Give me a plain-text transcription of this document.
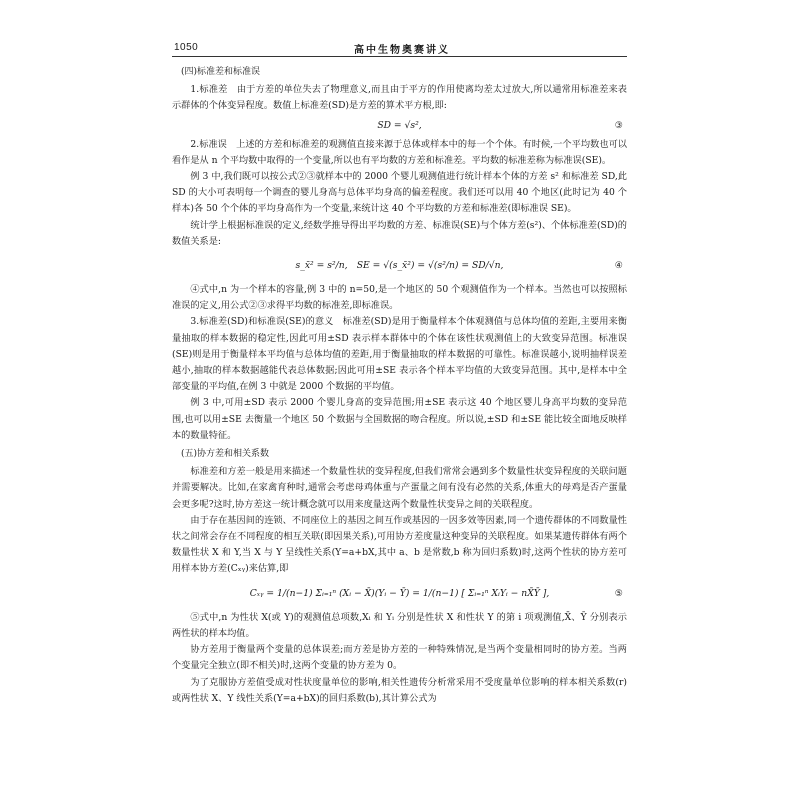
1050	高中生物奥赛讲义

(四)标准差和标准误

1.标准差　由于方差的单位失去了物理意义,而且由于平方的作用使离均差太过放大,所以通常用标准差来表示群体的个体变异程度。数值上标准差(SD)是方差的算术平方根,即:

SD = √s²,	③

2.标准误　上述的方差和标准差的观测值直接来源于总体或样本中的每一个个体。有时候,一个平均数也可以看作是从 n 个平均数中取得的一个变量,所以也有平均数的方差和标准差。平均数的标准差称为标准误(SE)。

例 3 中,我们既可以按公式②③就样本中的 2000 个婴儿观测值进行统计样本个体的方差 s² 和标准差 SD,此 SD 的大小可表明每一个调查的婴儿身高与总体平均身高的偏差程度。我们还可以用 40 个地区(此时记为 40 个样本)各 50 个个体的平均身高作为一个变量,来统计这 40 个平均数的方差和标准差(即标准误 SE)。

统计学上根据标准误的定义,经数学推导得出平均数的方差、标准误(SE)与个体方差(s²)、个体标准差(SD)的数值关系是:

s_x̄² = s²/n,　SE = √(s_x̄²) = √(s²/n) = SD/√n,	④

④式中,n 为一个样本的容量,例 3 中的 n=50,是一个地区的 50 个观测值作为一个样本。当然也可以按照标准误的定义,用公式②③求得平均数的标准差,即标准误。

3.标准差(SD)和标准误(SE)的意义　标准差(SD)是用于衡量样本个体观测值与总体均值的差距,主要用来衡量抽取的样本数据的稳定性,因此可用±SD 表示样本群体中的个体在该性状观测值上的大致变异范围。标准误(SE)则是用于衡量样本平均值与总体均值的差距,用于衡量抽取的样本数据的可靠性。标准误越小,说明抽样误差越小,抽取的样本数据越能代表总体数据;因此可用±SE 表示各个样本平均值的大致变异范围。其中,是样本中全部变量的平均值,在例 3 中就是 2000 个数据的平均值。

例 3 中,可用±SD 表示 2000 个婴儿身高的变异范围;用±SE 表示这 40 个地区婴儿身高平均数的变异范围,也可以用±SE 去衡量一个地区 50 个数据与全国数据的吻合程度。所以说,±SD 和±SE 能比较全面地反映样本的数量特征。

(五)协方差和相关系数

标准差和方差一般是用来描述一个数量性状的变异程度,但我们常常会遇到多个数量性状变异程度的关联问题并需要解决。比如,在家禽育种时,通常会考虑母鸡体重与产蛋量之间有没有必然的关系,体重大的母鸡是否产蛋量会更多呢?这时,协方差这一统计概念就可以用来度量这两个数量性状变异之间的关联程度。

由于存在基因间的连锁、不同座位上的基因之间互作或基因的一因多效等因素,同一个遗传群体的不同数量性状之间常会存在不同程度的相互关联(即因果关系),可用协方差度量这种变异的关联程度。如果某遗传群体有两个数量性状 X 和 Y,当 X 与 Y 呈线性关系(Y=a+bX,其中 a、b 是常数,b 称为回归系数)时,这两个性状的协方差可用样本协方差(Cₓᵧ)来估算,即

Cₓᵧ = 1/(n−1) Σᵢ₌₁ⁿ (Xᵢ − X̄)(Yᵢ − Ȳ) = 1/(n−1) [ Σᵢ₌₁ⁿ XᵢYᵢ − nX̄Ȳ ],	⑤

⑤式中,n 为性状 X(或 Y)的观测值总项数,Xᵢ 和 Yᵢ 分别是性状 X 和性状 Y 的第 i 项观测值,X̄、Ȳ 分别表示两性状的样本均值。

协方差用于衡量两个变量的总体误差;而方差是协方差的一种特殊情况,是当两个变量相同时的协方差。当两个变量完全独立(即不相关)时,这两个变量的协方差为 0。

为了克服协方差值受成对性状度量单位的影响,相关性遗传分析常采用不受度量单位影响的样本相关系数(r)或两性状 X、Y 线性关系(Y=a+bX)的回归系数(b),其计算公式为
